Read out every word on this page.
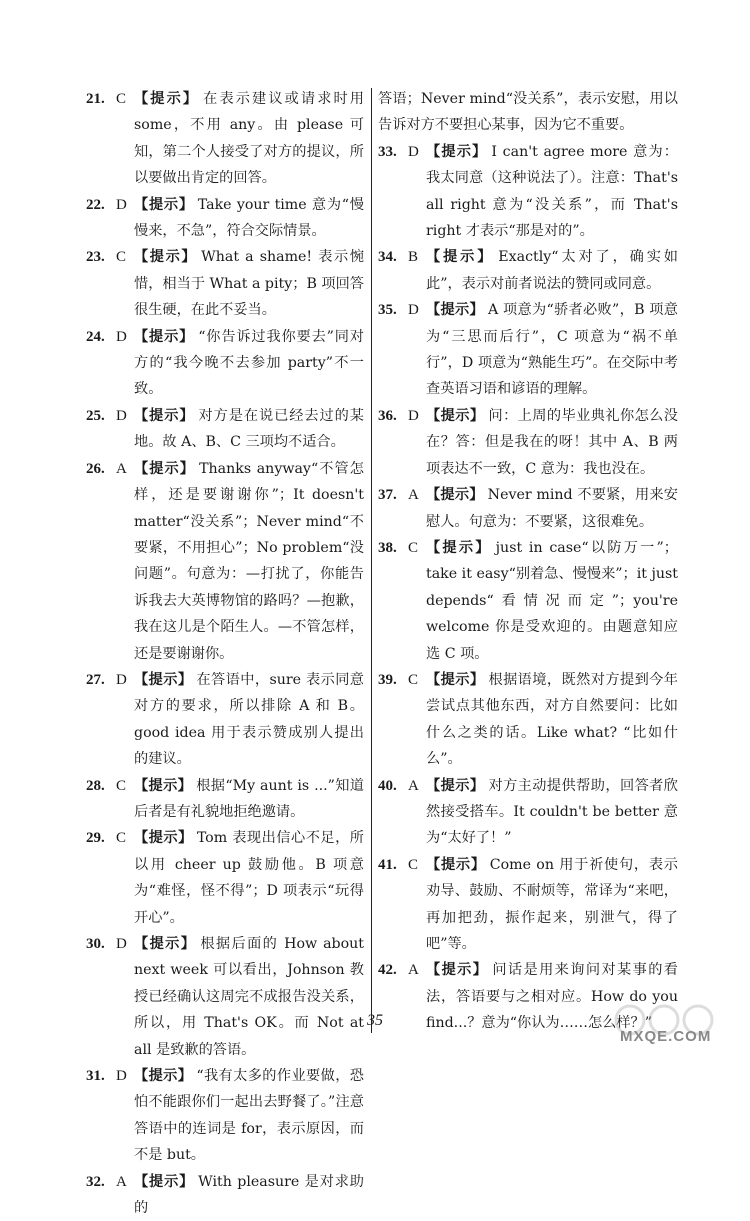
21. C 【提示】 在表示建议或请求时用 some，不用 any。由 please 可知，第二个人接受了对方的提议，所以要做出肯定的回答。
22. D 【提示】 Take your time 意为“慢慢来，不急”，符合交际情景。
23. C 【提示】 What a shame! 表示惋惜，相当于 What a pity；B 项回答很生硬，在此不妥当。
24. D 【提示】 “你告诉过我你要去”同对方的“我今晚不去参加 party”不一致。
25. D 【提示】 对方是在说已经去过的某地。故 A、B、C 三项均不适合。
26. A 【提示】 Thanks anyway“不管怎样，还是要谢谢你”；It doesn't matter“没关系”；Never mind“不要紧，不用担心”；No problem“没问题”。句意为：—打扰了，你能告诉我去大英博物馆的路吗？—抱歉，我在这儿是个陌生人。—不管怎样，还是要谢谢你。
27. D 【提示】 在答语中，sure 表示同意对方的要求，所以排除 A 和 B。good idea 用于表示赞成别人提出的建议。
28. C 【提示】 根据“My aunt is ...”知道后者是有礼貌地拒绝邀请。
29. C 【提示】 Tom 表现出信心不足，所以用 cheer up 鼓励他。B 项意为“难怪，怪不得”；D 项表示“玩得开心”。
30. D 【提示】 根据后面的 How about next week 可以看出，Johnson 教授已经确认这周完不成报告没关系，所以，用 That's OK。而 Not at all 是致歉的答语。
31. D 【提示】 “我有太多的作业要做，恐怕不能跟你们一起出去野餐了。”注意答语中的连词是 for，表示原因，而不是 but。
32. A 【提示】 With pleasure 是对求助的
答语；Never mind“没关系”，表示安慰，用以告诉对方不要担心某事，因为它不重要。
33. D 【提示】 I can't agree more 意为：我太同意（这种说法了）。注意：That's all right 意为“没关系”，而 That's right 才表示“那是对的”。
34. B 【提示】 Exactly“太对了，确实如此”，表示对前者说法的赞同或同意。
35. D 【提示】 A 项意为“骄者必败”，B 项意为“三思而后行”，C 项意为“祸不单行”，D 项意为“熟能生巧”。在交际中考查英语习语和谚语的理解。
36. D 【提示】 问：上周的毕业典礼你怎么没在？答：但是我在的呀！其中 A、B 两项表达不一致，C 意为：我也没在。
37. A 【提示】 Never mind 不要紧，用来安慰人。句意为：不要紧，这很难免。
38. C 【提示】 just in case“以防万一”；take it easy“别着急、慢慢来”；it just depends“看情况而定”；you're welcome 你是受欢迎的。由题意知应选 C 项。
39. C 【提示】 根据语境，既然对方提到今年尝试点其他东西，对方自然要问：比如什么之类的话。Like what? “比如什么”。
40. A 【提示】 对方主动提供帮助，回答者欣然接受搭车。It couldn't be better 意为“太好了！”
41. C 【提示】 Come on 用于祈使句，表示劝导、鼓励、不耐烦等，常译为“来吧，再加把劲，振作起来，别泄气，得了吧”等。
42. A 【提示】 问话是用来询问对某事的看法，答语要与之相对应。How do you find...？意为“你认为……怎么样？”
35
MXQE.COM
